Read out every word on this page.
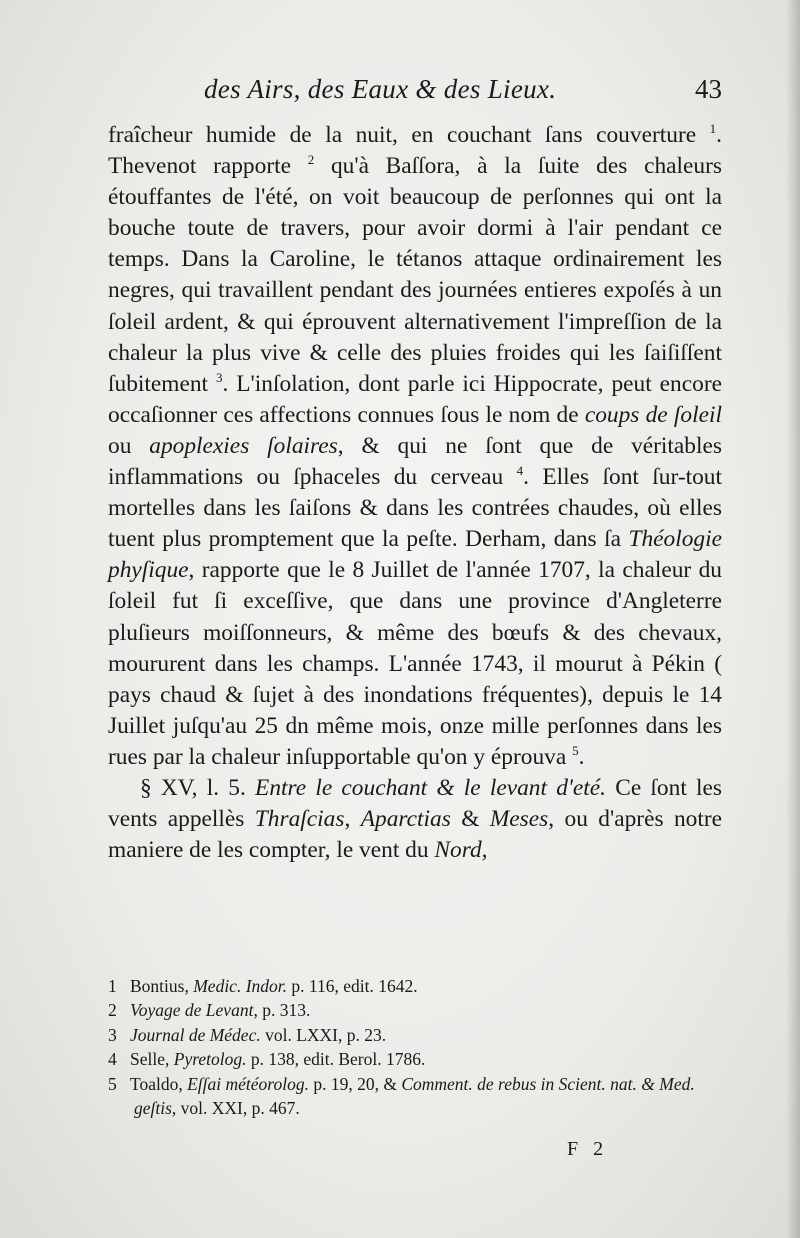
des Airs, des Eaux & des Lieux.	43

fraîcheur humide de la nuit, en couchant ſans couverture $^1$. Thevenot rapporte $^2$ qu'à Baſſora, à la ſuite des chaleurs étouffantes de l'été, on voit beaucoup de perſonnes qui ont la bouche toute de travers, pour avoir dormi à l'air pendant ce temps. Dans la Caroline, le tétanos attaque ordinairement les negres, qui travaillent pendant des journées entieres expoſés à un ſoleil ardent, & qui éprouvent alternativement l'impreſſion de la chaleur la plus vive & celle des pluies froides qui les ſaiſiſſent ſubitement $^3$. L'inſolation, dont parle ici Hippocrate, peut encore occaſionner ces affections connues ſous le nom de coups de ſoleil ou apoplexies ſolaires, & qui ne ſont que de véritables inflammations ou ſphaceles du cerveau $^4$. Elles ſont ſur-tout mortelles dans les ſaiſons & dans les contrées chaudes, où elles tuent plus promptement que la peſte. Derham, dans ſa Théologie phyſique, rapporte que le 8 Juillet de l'année 1707, la chaleur du ſoleil fut ſi exceſſive, que dans une province d'Angleterre pluſieurs moiſſonneurs, & même des bœufs & des chevaux, moururent dans les champs. L'année 1743, il mourut à Pékin ( pays chaud & ſujet à des inondations fréquentes), depuis le 14 Juillet juſqu'au 25 dn même mois, onze mille perſonnes dans les rues par la chaleur inſupportable qu'on y éprouva $^5$.

§ XV, l. 5. Entre le couchant & le levant d'eté. Ce ſont les vents appellès Thraſcias, Aparctias & Meses, ou d'après notre maniere de les compter, le vent du Nord,

1 Bontius, Medic. Indor. p. 116, edit. 1642.
2 Voyage de Levant, p. 313.
3 Journal de Médec. vol. LXXI, p. 23.
4 Selle, Pyretolog. p. 138, edit. Berol. 1786.
5 Toaldo, Eſſai météorolog. p. 19, 20, & Comment. de rebus in Scient. nat. & Med. geſtis, vol. XXI, p. 467.
F 2
